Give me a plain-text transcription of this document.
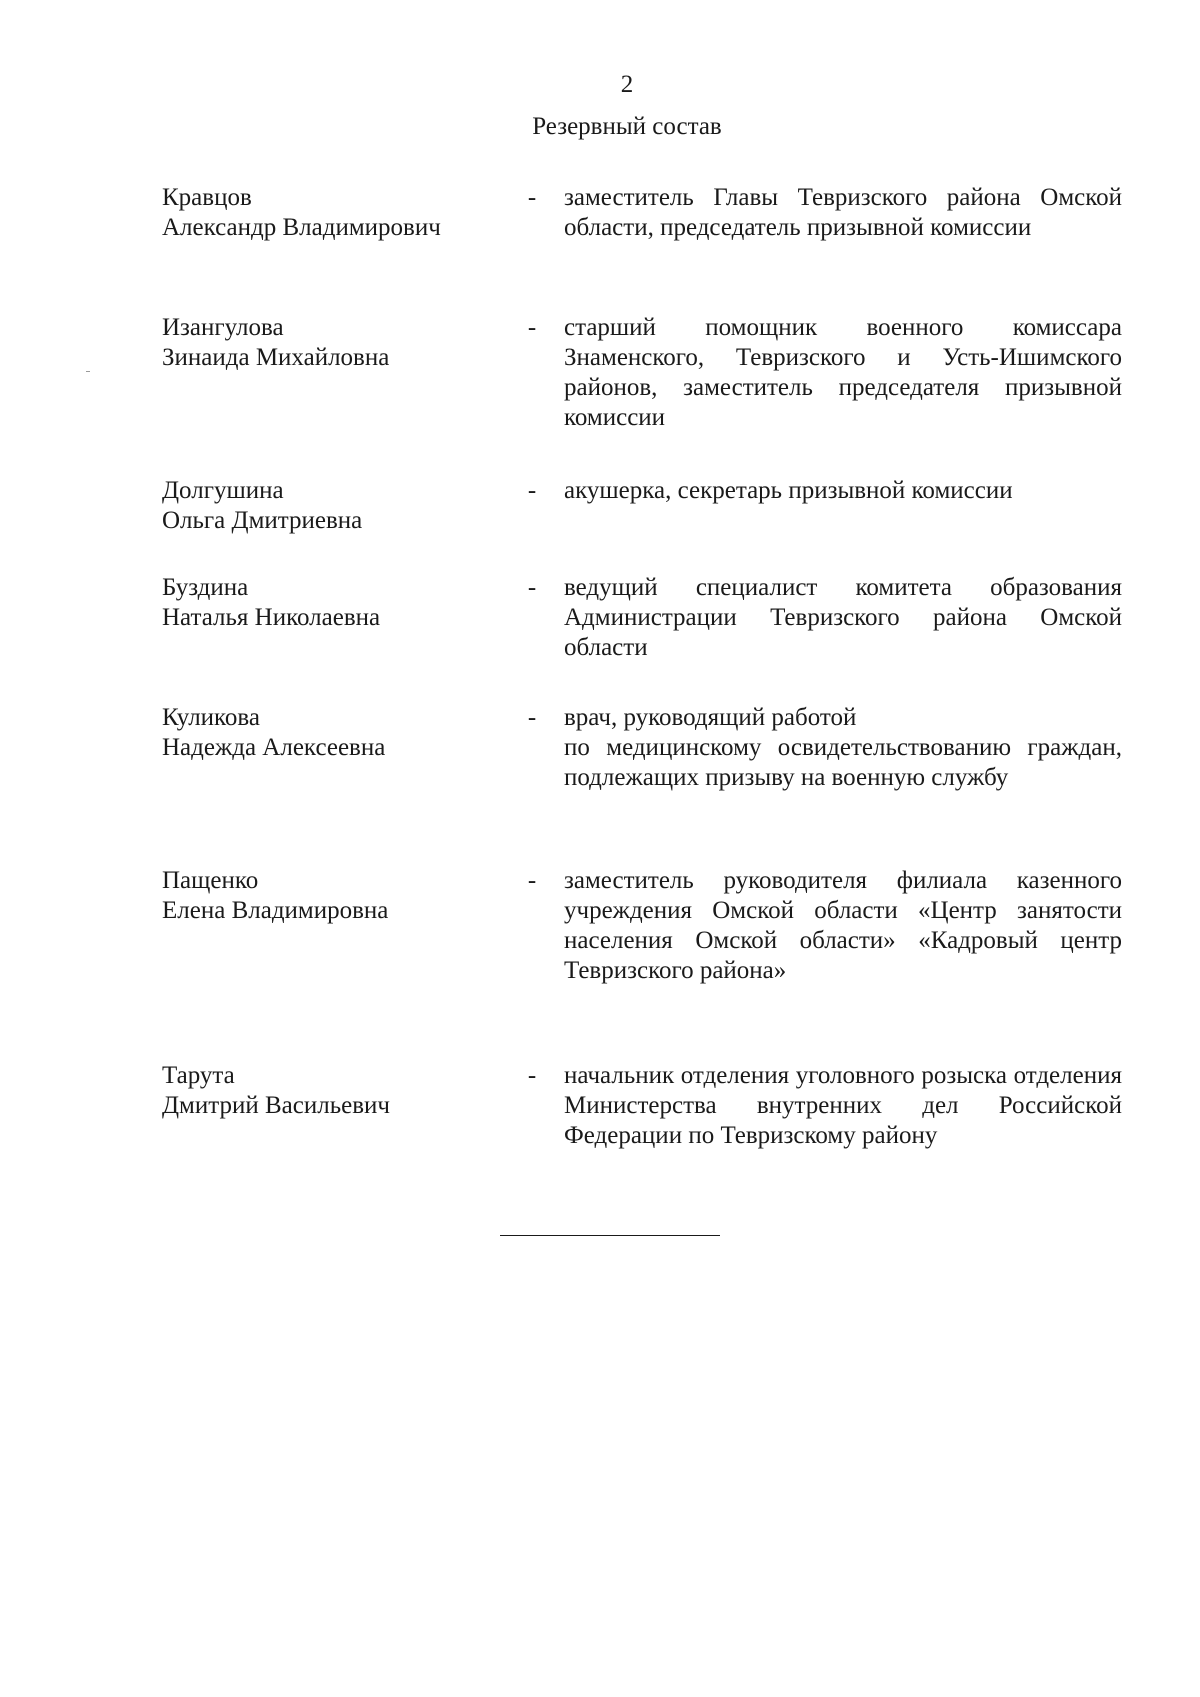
2
Резервный состав
Кравцов
Александр Владимирович
- заместитель Главы Тевризского района Омской области, председатель призывной комиссии
Изангулова
Зинаида Михайловна
- старший помощник военного комиссара Знаменского, Тевризского и Усть-Ишимского районов, заместитель председателя призывной комиссии
Долгушина
Ольга Дмитриевна
- акушерка, секретарь призывной комиссии
Буздина
Наталья Николаевна
- ведущий специалист комитета образования Администрации Тевризского района Омской области
Куликова
Надежда Алексеевна
- врач, руководящий работой
по медицинскому освидетельствованию граждан, подлежащих призыву на военную службу
Пащенко
Елена Владимировна
- заместитель руководителя филиала казенного учреждения Омской области «Центр занятости населения Омской области» «Кадровый центр Тевризского района»
Тарута
Дмитрий Васильевич
- начальник отделения уголовного розыска отделения Министерства внутренних дел Российской Федерации по Тевризскому району
